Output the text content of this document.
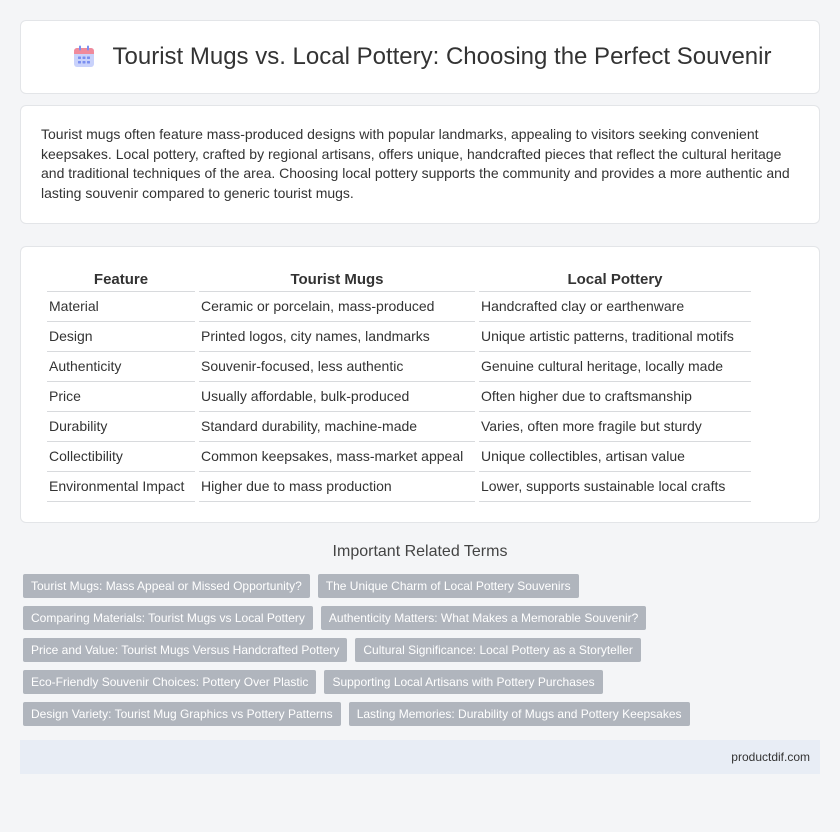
Tourist Mugs vs. Local Pottery: Choosing the Perfect Souvenir

Tourist mugs often feature mass-produced designs with popular landmarks, appealing to visitors seeking convenient keepsakes. Local pottery, crafted by regional artisans, offers unique, handcrafted pieces that reflect the cultural heritage and traditional techniques of the area. Choosing local pottery supports the community and provides a more authentic and lasting souvenir compared to generic tourist mugs.

Feature	Tourist Mugs	Local Pottery
Material	Ceramic or porcelain, mass-produced	Handcrafted clay or earthenware
Design	Printed logos, city names, landmarks	Unique artistic patterns, traditional motifs
Authenticity	Souvenir-focused, less authentic	Genuine cultural heritage, locally made
Price	Usually affordable, bulk-produced	Often higher due to craftsmanship
Durability	Standard durability, machine-made	Varies, often more fragile but sturdy
Collectibility	Common keepsakes, mass-market appeal	Unique collectibles, artisan value
Environmental Impact	Higher due to mass production	Lower, supports sustainable local crafts
Important Related Terms
Tourist Mugs: Mass Appeal or Missed Opportunity?	The Unique Charm of Local Pottery Souvenirs
Comparing Materials: Tourist Mugs vs Local Pottery	Authenticity Matters: What Makes a Memorable Souvenir?
Price and Value: Tourist Mugs Versus Handcrafted Pottery	Cultural Significance: Local Pottery as a Storyteller
Eco-Friendly Souvenir Choices: Pottery Over Plastic	Supporting Local Artisans with Pottery Purchases
Design Variety: Tourist Mug Graphics vs Pottery Patterns	Lasting Memories: Durability of Mugs and Pottery Keepsakes
productdif.com
